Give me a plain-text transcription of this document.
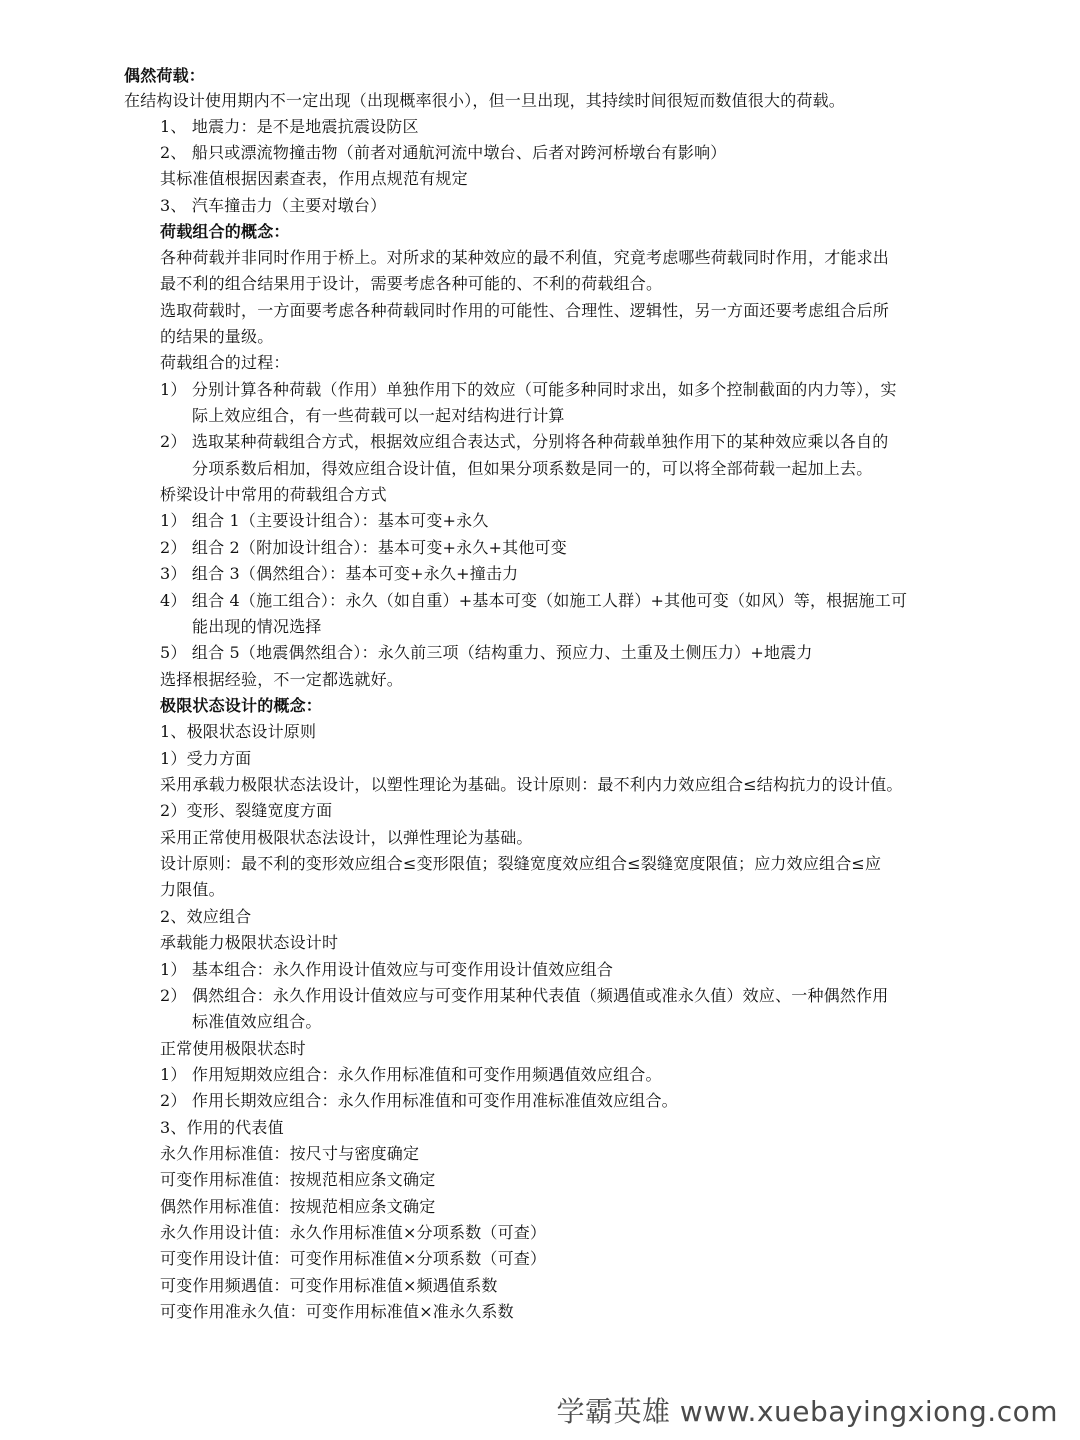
偶然荷载：
在结构设计使用期内不一定出现（出现概率很小），但一旦出现，其持续时间很短而数值很大的荷载。
1、 地震力：是不是地震抗震设防区
2、 船只或漂流物撞击物（前者对通航河流中墩台、后者对跨河桥墩台有影响）
其标准值根据因素查表，作用点规范有规定
3、 汽车撞击力（主要对墩台）
荷载组合的概念：
各种荷载并非同时作用于桥上。对所求的某种效应的最不利值，究竟考虑哪些荷载同时作用，才能求出
最不利的组合结果用于设计，需要考虑各种可能的、不利的荷载组合。
选取荷载时，一方面要考虑各种荷载同时作用的可能性、合理性、逻辑性，另一方面还要考虑组合后所
的结果的量级。
荷载组合的过程：
1） 分别计算各种荷载（作用）单独作用下的效应（可能多种同时求出，如多个控制截面的内力等），实
际上效应组合，有一些荷载可以一起对结构进行计算
2） 选取某种荷载组合方式，根据效应组合表达式，分别将各种荷载单独作用下的某种效应乘以各自的
分项系数后相加，得效应组合设计值，但如果分项系数是同一的，可以将全部荷载一起加上去。
桥梁设计中常用的荷载组合方式
1） 组合 1（主要设计组合）：基本可变+永久
2） 组合 2（附加设计组合）：基本可变+永久+其他可变
3） 组合 3（偶然组合）：基本可变+永久+撞击力
4） 组合 4（施工组合）：永久（如自重）+基本可变（如施工人群）+其他可变（如风）等，根据施工可
能出现的情况选择
5） 组合 5（地震偶然组合）：永久前三项（结构重力、预应力、土重及土侧压力）+地震力
选择根据经验，不一定都选就好。
极限状态设计的概念：
1、极限状态设计原则
1）受力方面
采用承载力极限状态法设计，以塑性理论为基础。设计原则：最不利内力效应组合≤结构抗力的设计值。
2）变形、裂缝宽度方面
采用正常使用极限状态法设计，以弹性理论为基础。
设计原则：最不利的变形效应组合≤变形限值；裂缝宽度效应组合≤裂缝宽度限值；应力效应组合≤应
力限值。
2、效应组合
承载能力极限状态设计时
1） 基本组合：永久作用设计值效应与可变作用设计值效应组合
2） 偶然组合：永久作用设计值效应与可变作用某种代表值（频遇值或准永久值）效应、一种偶然作用
标准值效应组合。
正常使用极限状态时
1） 作用短期效应组合：永久作用标准值和可变作用频遇值效应组合。
2） 作用长期效应组合：永久作用标准值和可变作用准标准值效应组合。
3、作用的代表值
永久作用标准值：按尺寸与密度确定
可变作用标准值：按规范相应条文确定
偶然作用标准值：按规范相应条文确定
永久作用设计值：永久作用标准值×分项系数（可查）
可变作用设计值：可变作用标准值×分项系数（可查）
可变作用频遇值：可变作用标准值×频遇值系数
可变作用准永久值：可变作用标准值×准永久系数
学霸英雄 www.xuebayingxiong.com
